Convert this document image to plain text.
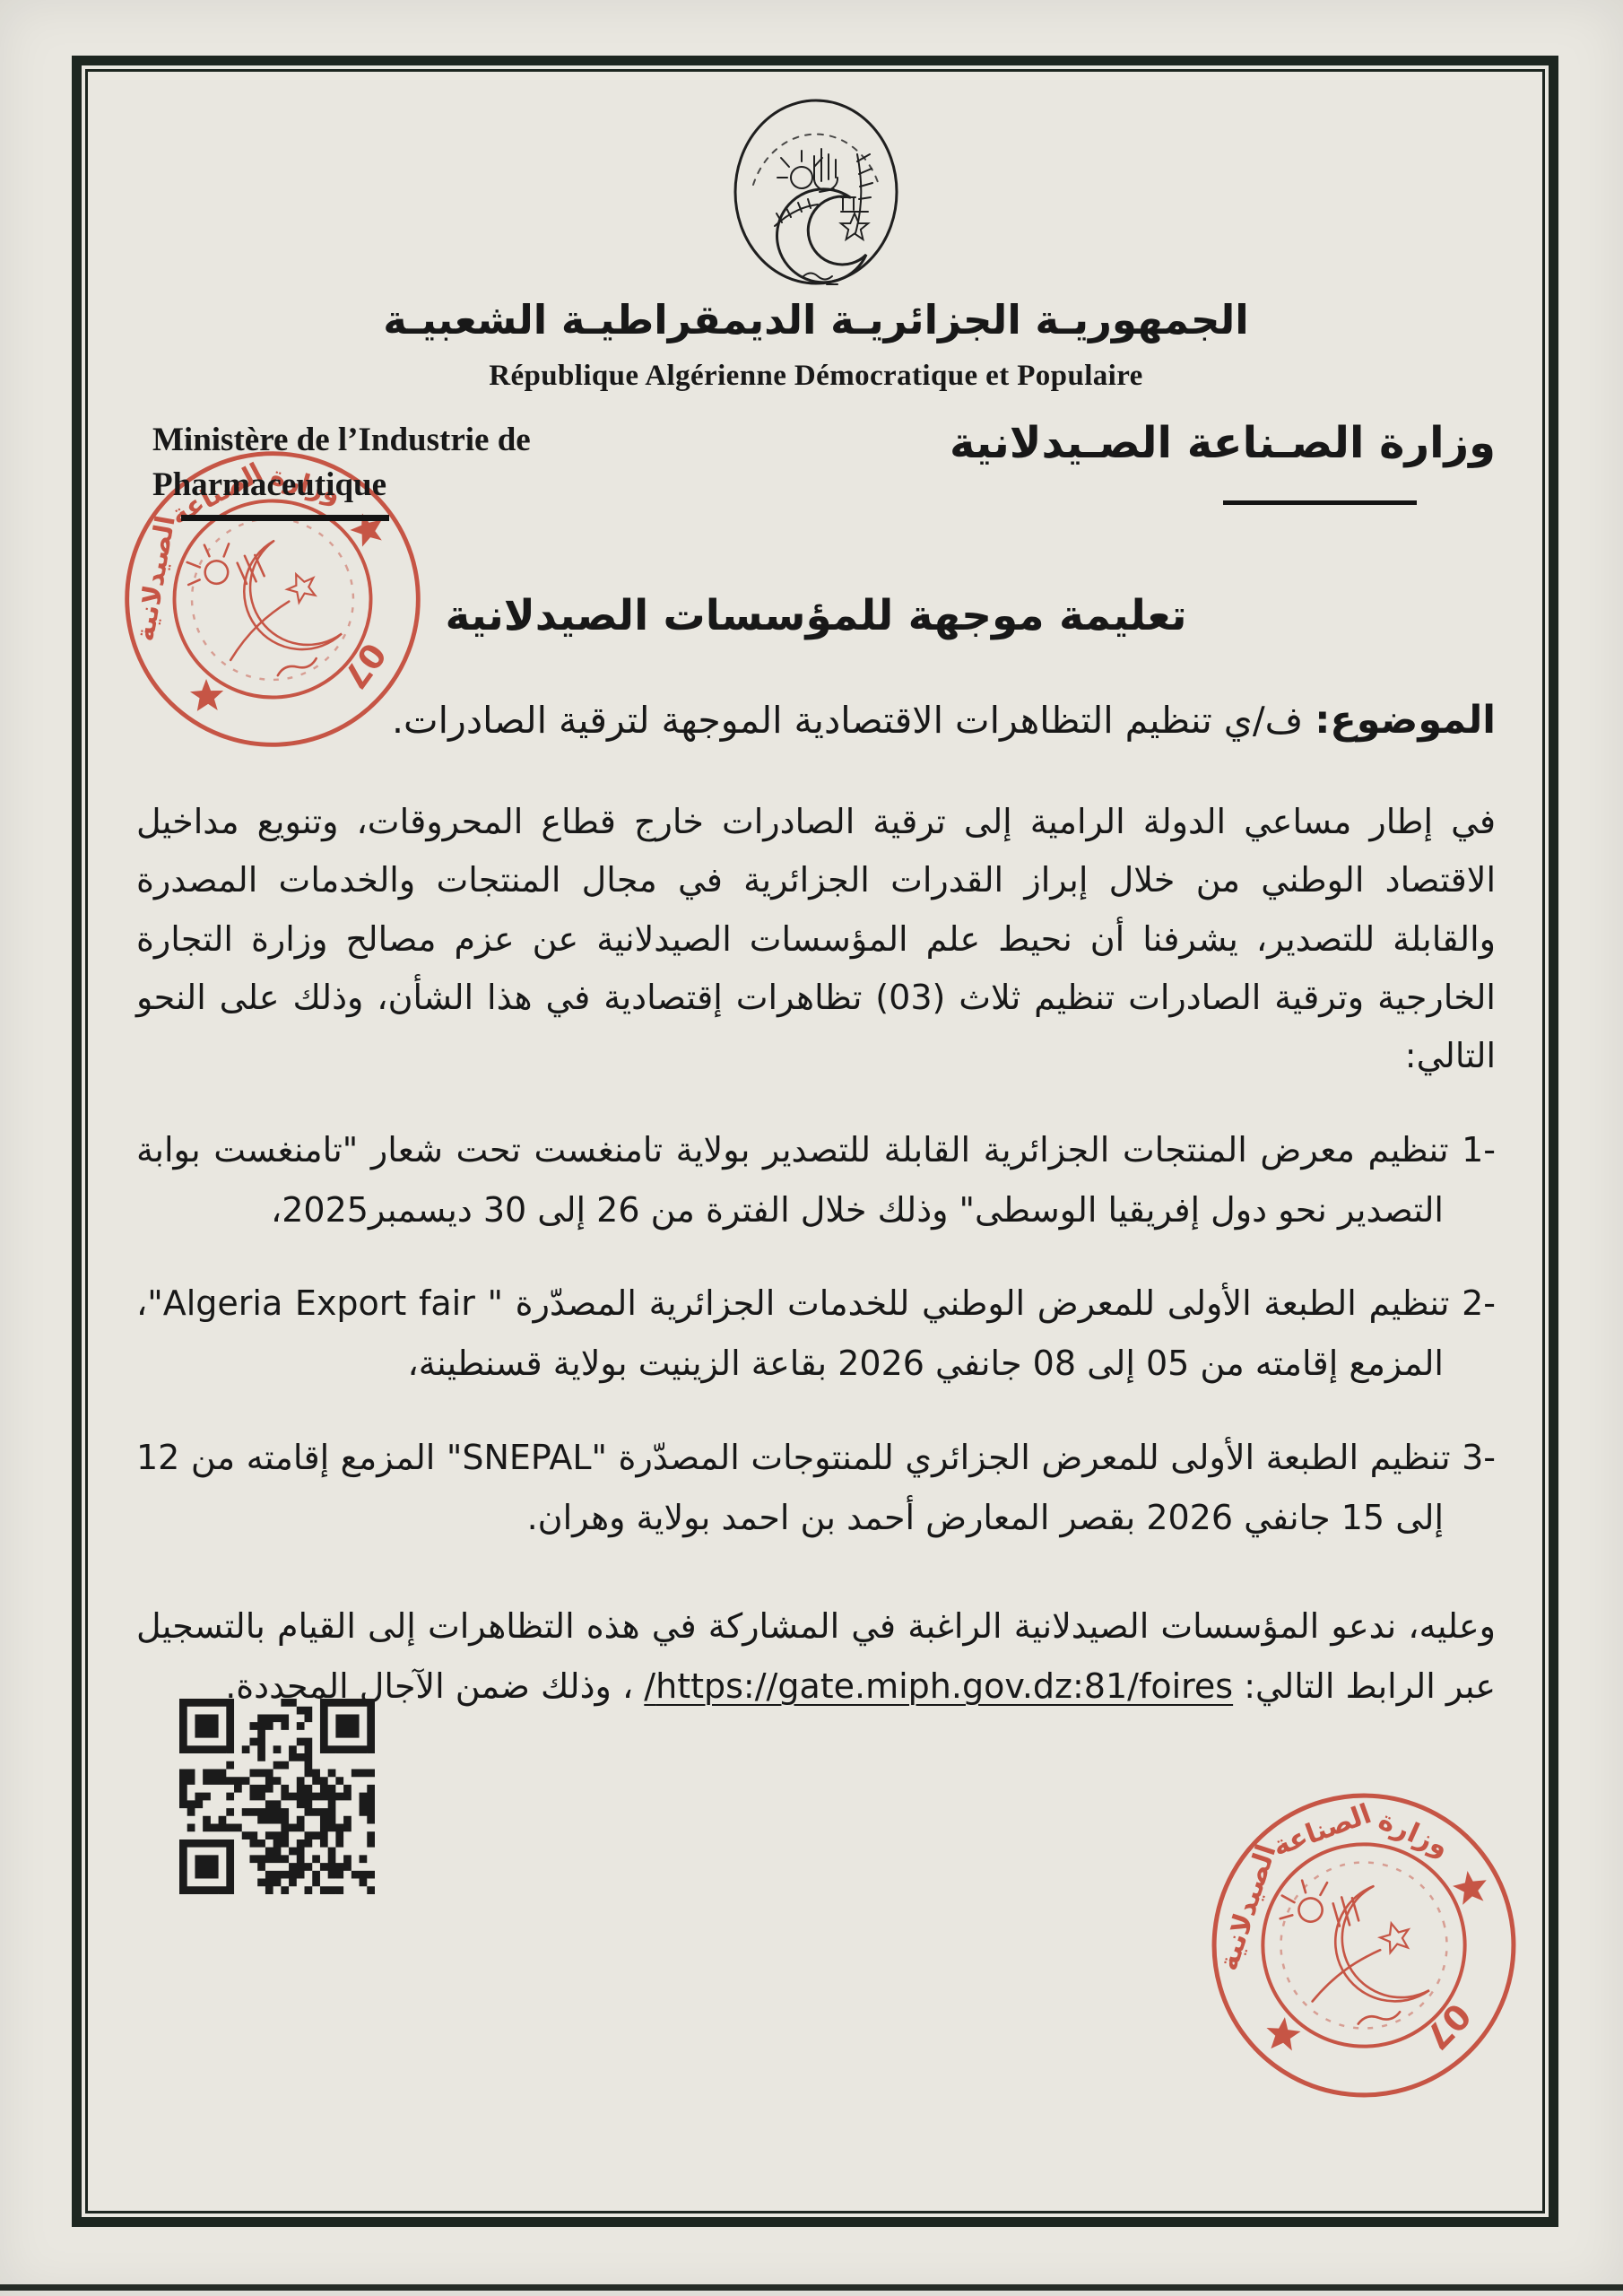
الجمهوريـة الجزائريـة الديمقراطيـة الشعبيـة
République Algérienne Démocratique et Populaire
Ministère de l’Industrie de
Pharmaceutique
وزارة الصـناعة الصـيدلانية
تعليمة موجهة للمؤسسات الصيدلانية

الموضوع: ف/ي تنظيم التظاهرات الاقتصادية الموجهة لترقية الصادرات.

في إطار مساعي الدولة الرامية إلى ترقية الصادرات خارج قطاع المحروقات، وتنويع مداخيل الاقتصاد الوطني من خلال إبراز القدرات الجزائرية في مجال المنتجات والخدمات المصدرة والقابلة للتصدير، يشرفنا أن نحيط علم المؤسسات الصيدلانية عن عزم مصالح وزارة التجارة الخارجية وترقية الصادرات تنظيم ثلاث (03) تظاهرات إقتصادية في هذا الشأن، وذلك على النحو التالي:

1- تنظيم معرض المنتجات الجزائرية القابلة للتصدير بولاية تامنغست تحت شعار "تامنغست بوابة التصدير نحو دول إفريقيا الوسطى" وذلك خلال الفترة من 26 إلى 30 ديسمبر2025،

2- تنظيم الطبعة الأولى للمعرض الوطني للخدمات الجزائرية المصدّرة " Algeria Export fair"، المزمع إقامته من 05 إلى 08 جانفي 2026 بقاعة الزينيت بولاية قسنطينة،

3- تنظيم الطبعة الأولى للمعرض الجزائري للمنتوجات المصدّرة "SNEPAL" المزمع إقامته من 12 إلى 15 جانفي 2026 بقصر المعارض أحمد بن احمد بولاية وهران.

وعليه، ندعو المؤسسات الصيدلانية الراغبة في المشاركة في هذه التظاهرات إلى القيام بالتسجيل عبر الرابط التالي: https://gate.miph.gov.dz:81/foires/ ، وذلك ضمن الآجال المحددة.
